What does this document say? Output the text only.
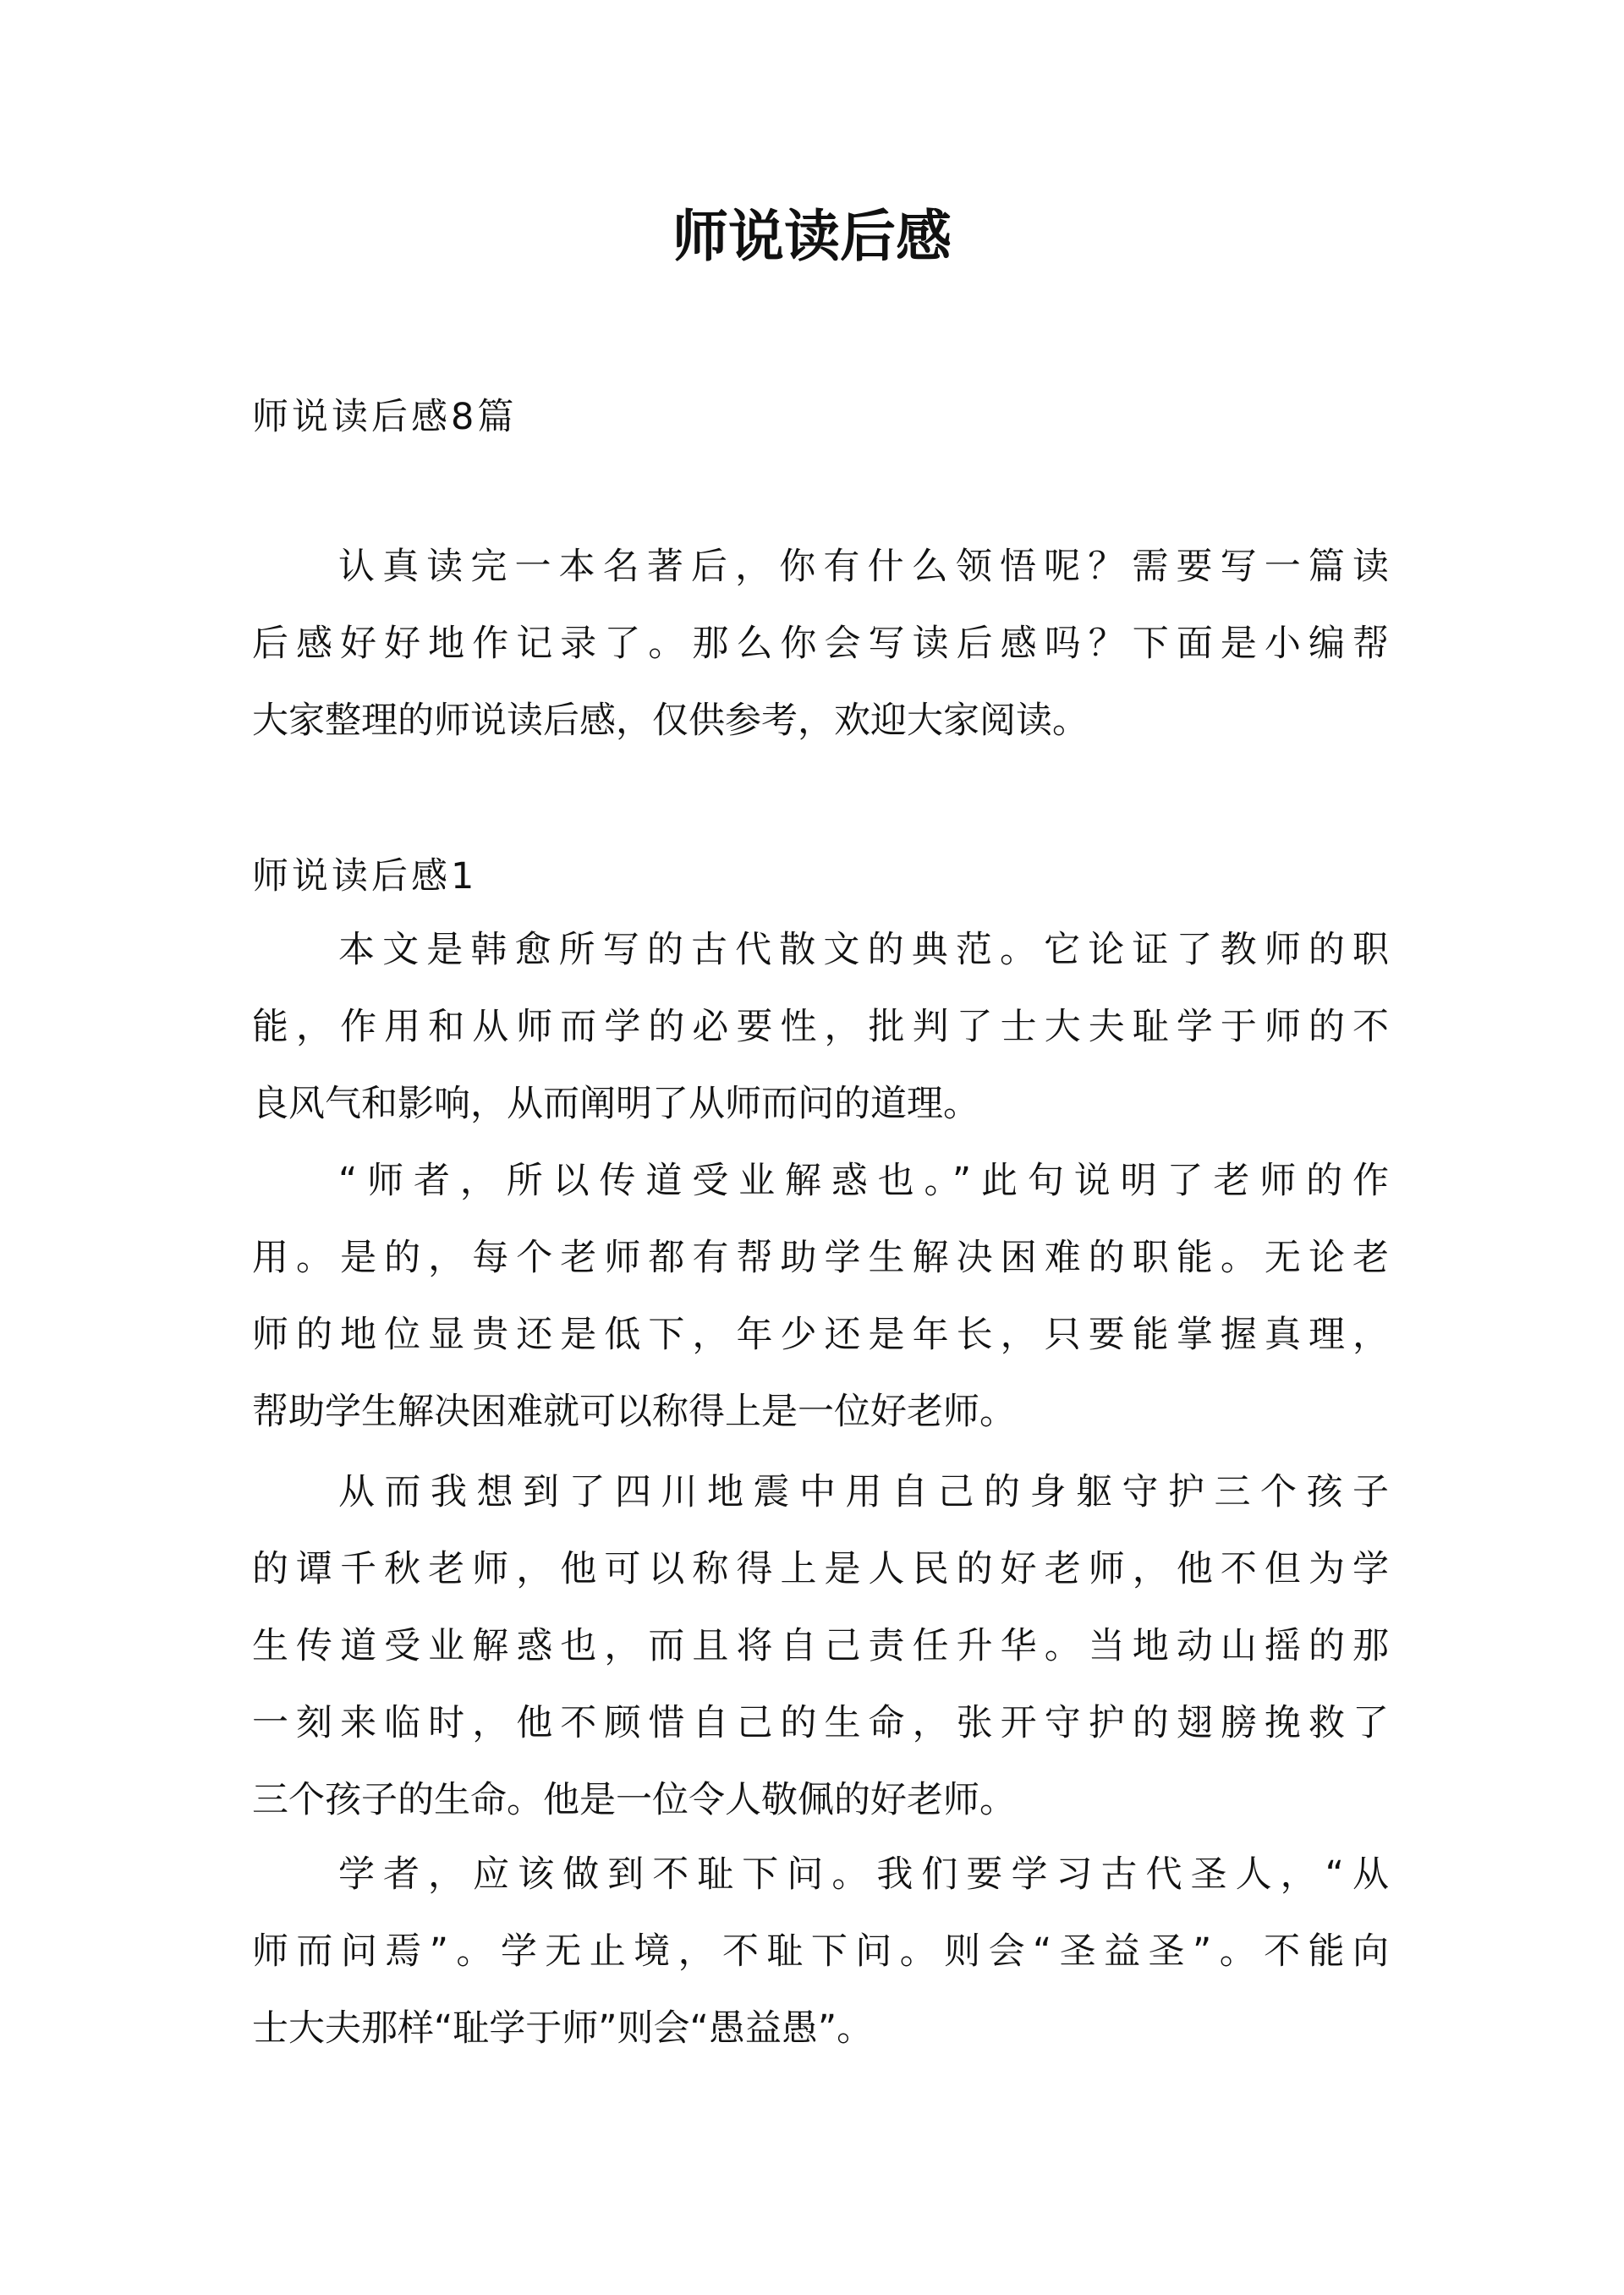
师说读后感
师说读后感8篇
认真读完一本名著后，你有什么领悟呢？需要写一篇读
后感好好地作记录了。那么你会写读后感吗？下面是小编帮
大家整理的师说读后感，仅供参考，欢迎大家阅读。
师说读后感1
本文是韩愈所写的古代散文的典范。它论证了教师的职
能，作用和从师而学的必要性，批判了士大夫耻学于师的不
良风气和影响，从而阐明了从师而问的道理。
“师者，所以传道受业解惑也。”此句说明了老师的作
用。是的，每个老师都有帮助学生解决困难的职能。无论老
师的地位显贵还是低下，年少还是年长，只要能掌握真理，
帮助学生解决困难就可以称得上是一位好老师。
从而我想到了四川地震中用自己的身躯守护三个孩子
的谭千秋老师，他可以称得上是人民的好老师，他不但为学
生传道受业解惑也，而且将自己责任升华。当地动山摇的那
一刻来临时，他不顾惜自己的生命，张开守护的翅膀挽救了
三个孩子的生命。他是一位令人敬佩的好老师。
学者，应该做到不耻下问。我们要学习古代圣人，“从
师而问焉”。学无止境，不耻下问。则会“圣益圣”。不能向
士大夫那样“耻学于师”则会“愚益愚”。
